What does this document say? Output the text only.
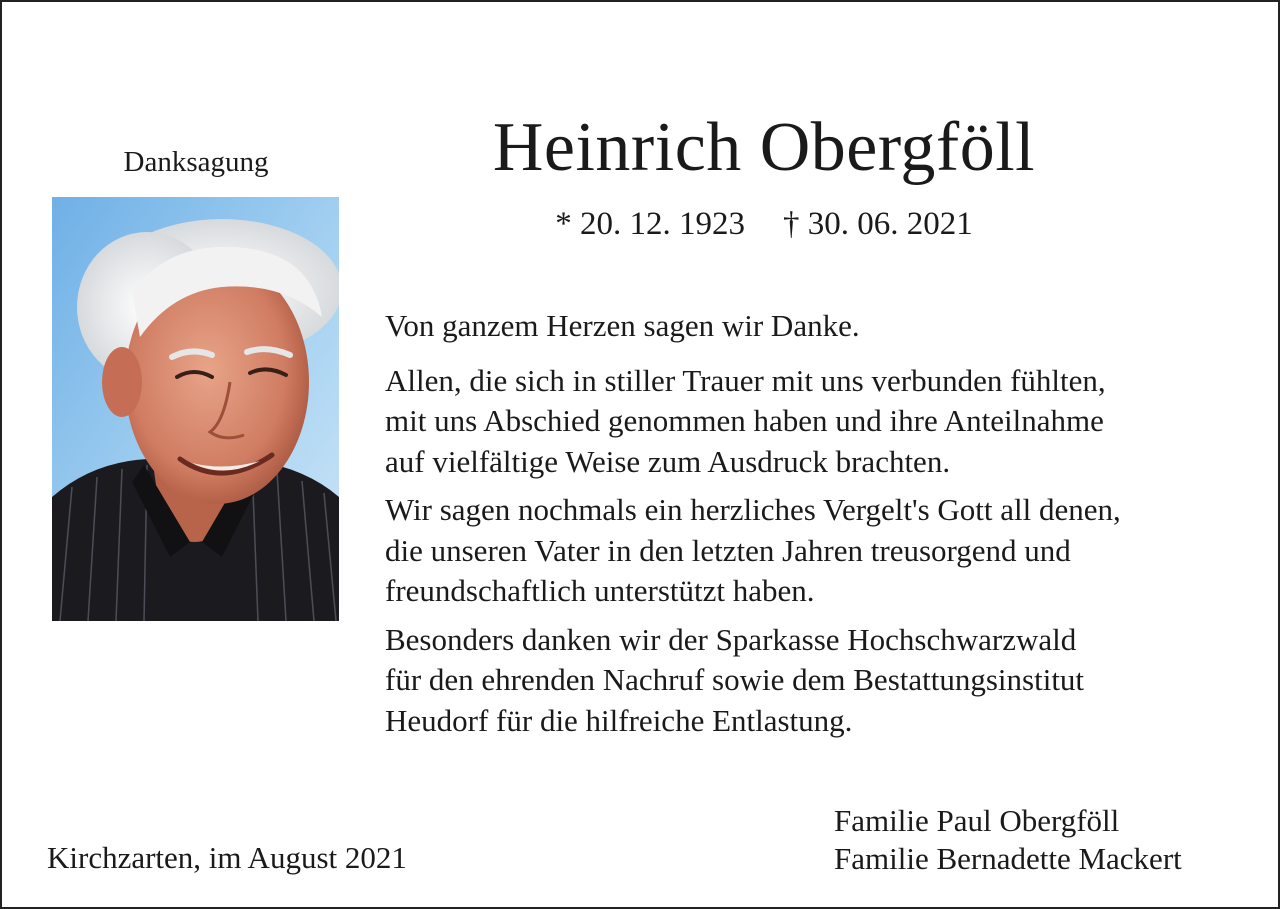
Danksagung	Heinrich Obergföll
* 20. 12. 1923 † 30. 06. 2021

Von ganzem Herzen sagen wir Danke.

Allen, die sich in stiller Trauer mit uns verbunden fühlten,
mit uns Abschied genommen haben und ihre Anteilnahme
auf vielfältige Weise zum Ausdruck brachten.

Wir sagen nochmals ein herzliches Vergelt's Gott all denen,
die unseren Vater in den letzten Jahren treusorgend und
freundschaftlich unterstützt haben.

Besonders danken wir der Sparkasse Hochschwarzwald
für den ehrenden Nachruf sowie dem Bestattungsinstitut
Heudorf für die hilfreiche Entlastung.

Kirchzarten, im August 2021
Familie Paul Obergföll
Familie Bernadette Mackert
